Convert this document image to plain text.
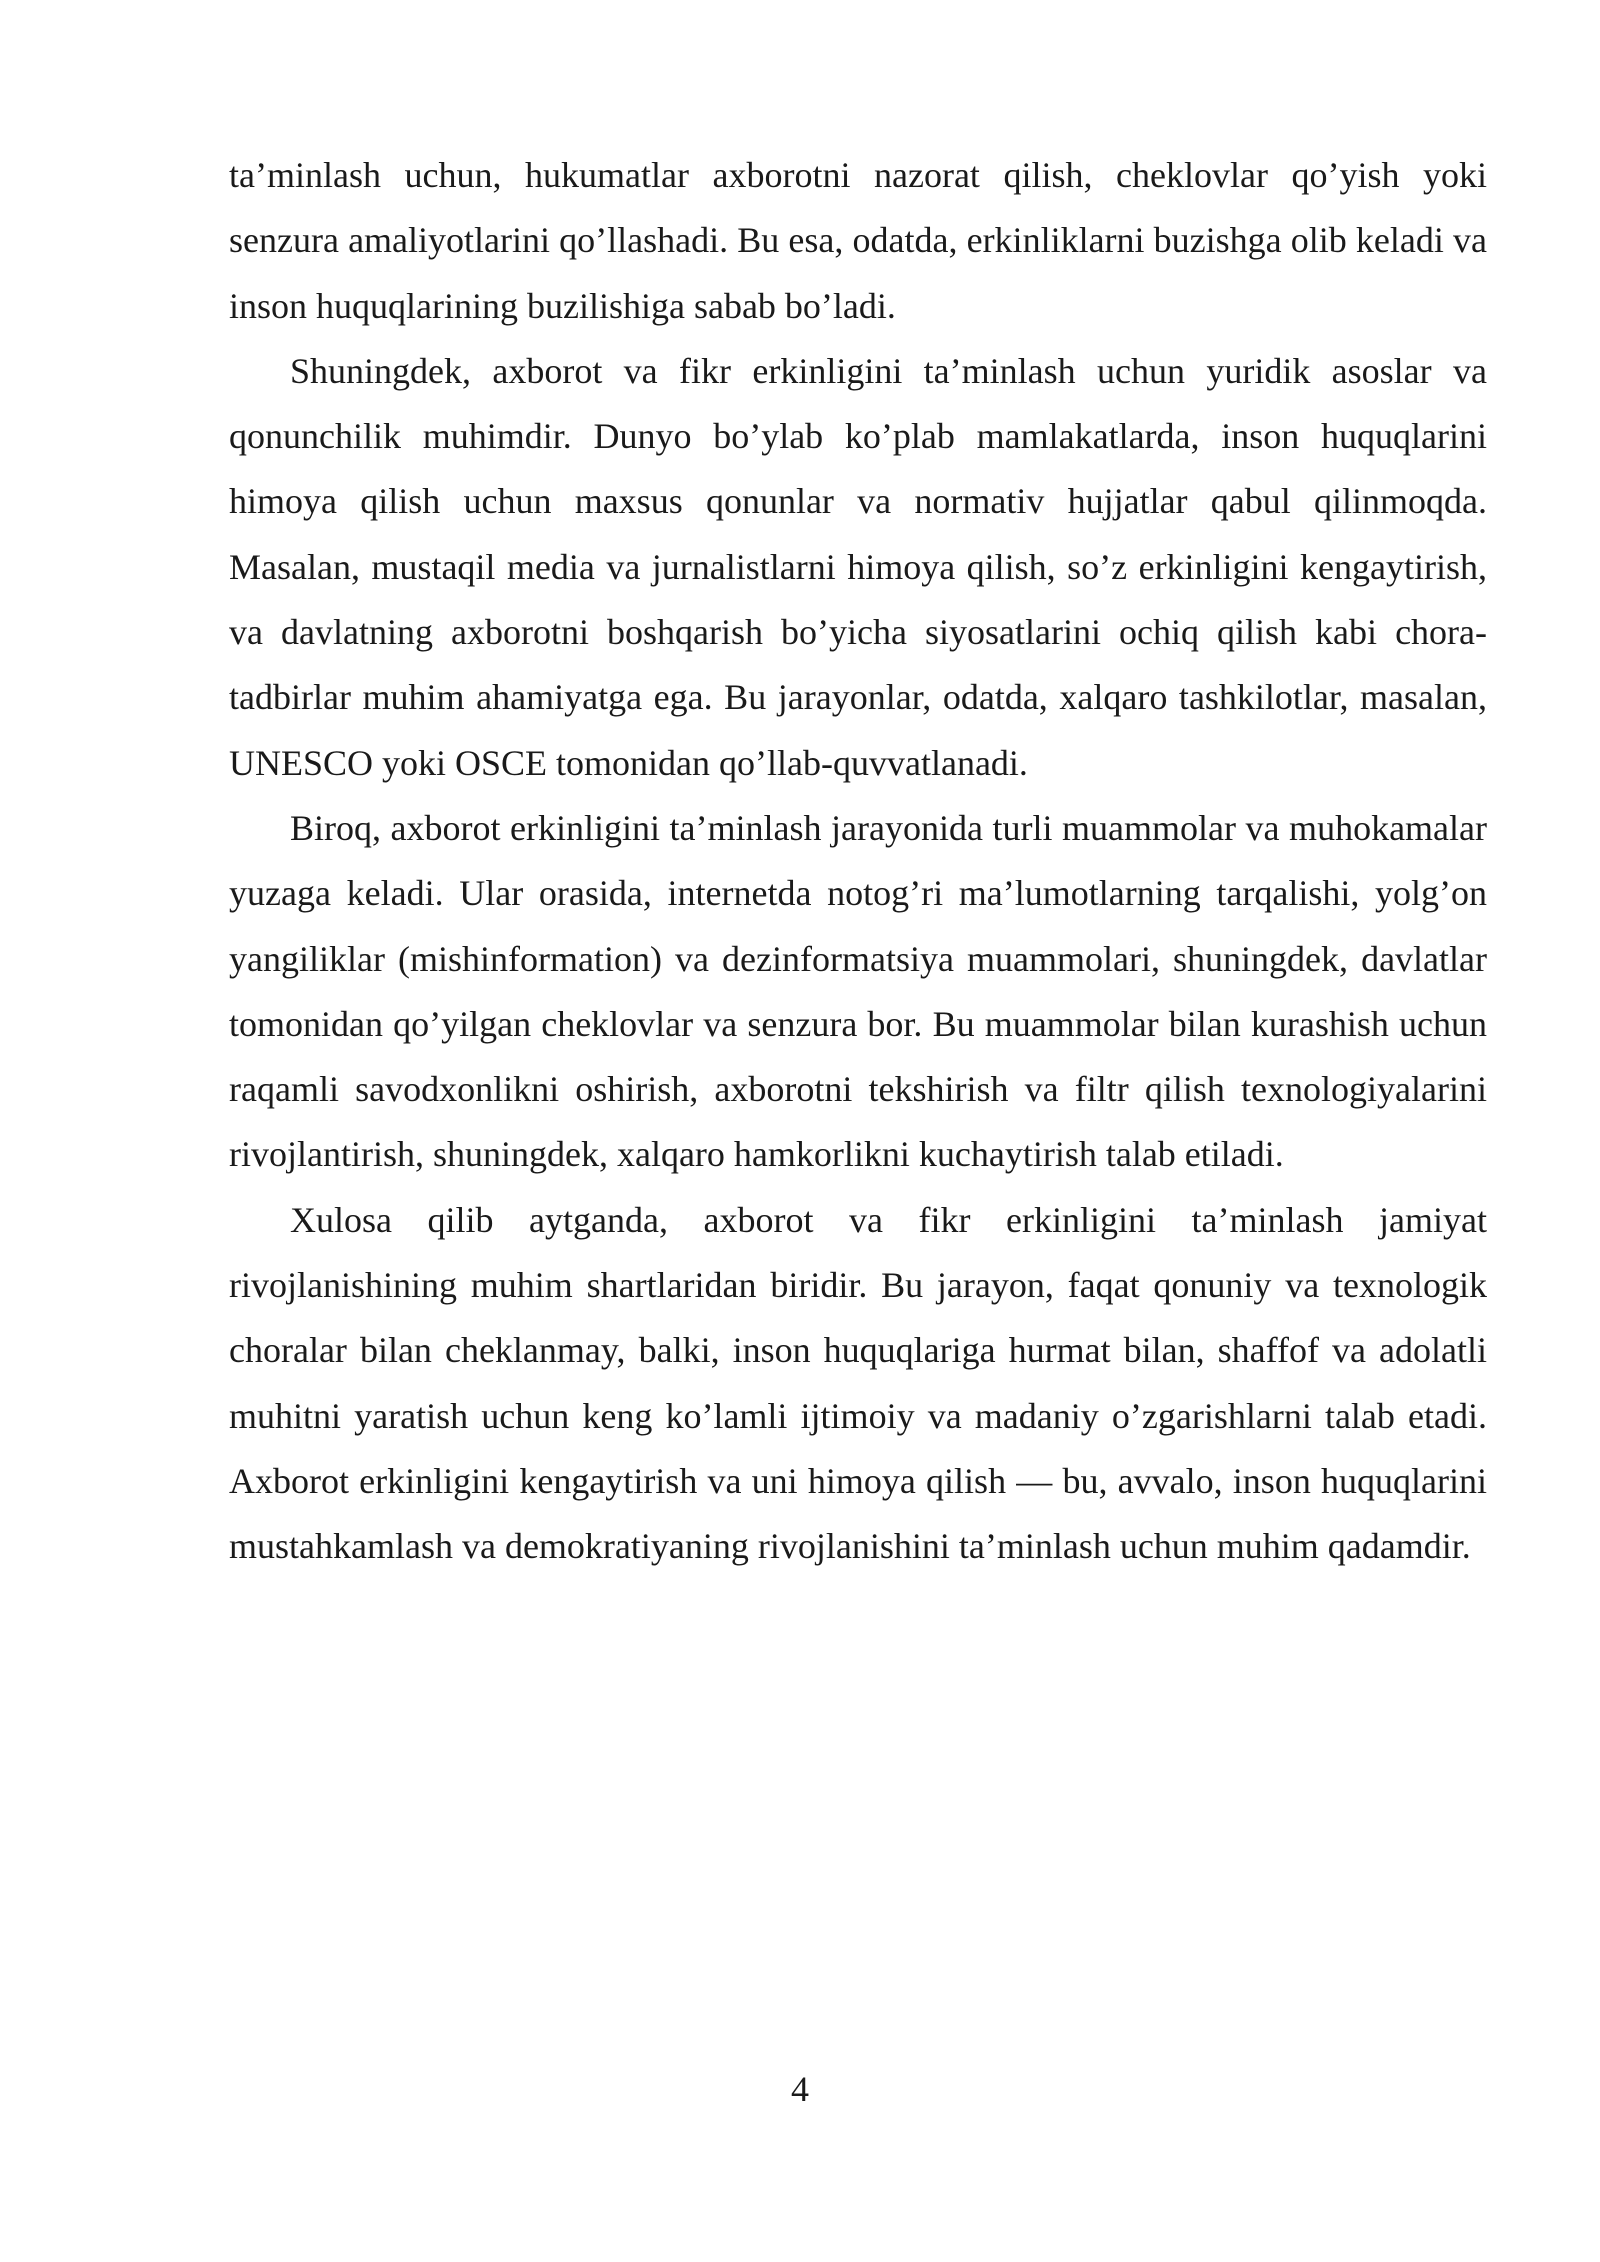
ta’minlash uchun, hukumatlar axborotni nazorat qilish, cheklovlar qo’yish yoki senzura amaliyotlarini qo’llashadi. Bu esa, odatda, erkinliklarni buzishga olib keladi va inson huquqlarining buzilishiga sabab bo’ladi.

Shuningdek, axborot va fikr erkinligini ta’minlash uchun yuridik asoslar va qonunchilik muhimdir. Dunyo bo’ylab ko’plab mamlakatlarda, inson huquqlarini himoya qilish uchun maxsus qonunlar va normativ hujjatlar qabul qilinmoqda. Masalan, mustaqil media va jurnalistlarni himoya qilish, so’z erkinligini kengaytirish, va davlatning axborotni boshqarish bo’yicha siyosatlarini ochiq qilish kabi chora-tadbirlar muhim ahamiyatga ega. Bu jarayonlar, odatda, xalqaro tashkilotlar, masalan, UNESCO yoki OSCE tomonidan qo’llab-quvvatlanadi.

Biroq, axborot erkinligini ta’minlash jarayonida turli muammolar va muhokamalar yuzaga keladi. Ular orasida, internetda notog’ri ma’lumotlarning tarqalishi, yolg’on yangiliklar (mishinformation) va dezinformatsiya muammolari, shuningdek, davlatlar tomonidan qo’yilgan cheklovlar va senzura bor. Bu muammolar bilan kurashish uchun raqamli savodxonlikni oshirish, axborotni tekshirish va filtr qilish texnologiyalarini rivojlantirish, shuningdek, xalqaro hamkorlikni kuchaytirish talab etiladi.

Xulosa qilib aytganda, axborot va fikr erkinligini ta’minlash jamiyat rivojlanishining muhim shartlaridan biridir. Bu jarayon, faqat qonuniy va texnologik choralar bilan cheklanmay, balki, inson huquqlariga hurmat bilan, shaffof va adolatli muhitni yaratish uchun keng ko’lamli ijtimoiy va madaniy o’zgarishlarni talab etadi. Axborot erkinligini kengaytirish va uni himoya qilish — bu, avvalo, inson huquqlarini mustahkamlash va demokratiyaning rivojlanishini ta’minlash uchun muhim qadamdir.

4
